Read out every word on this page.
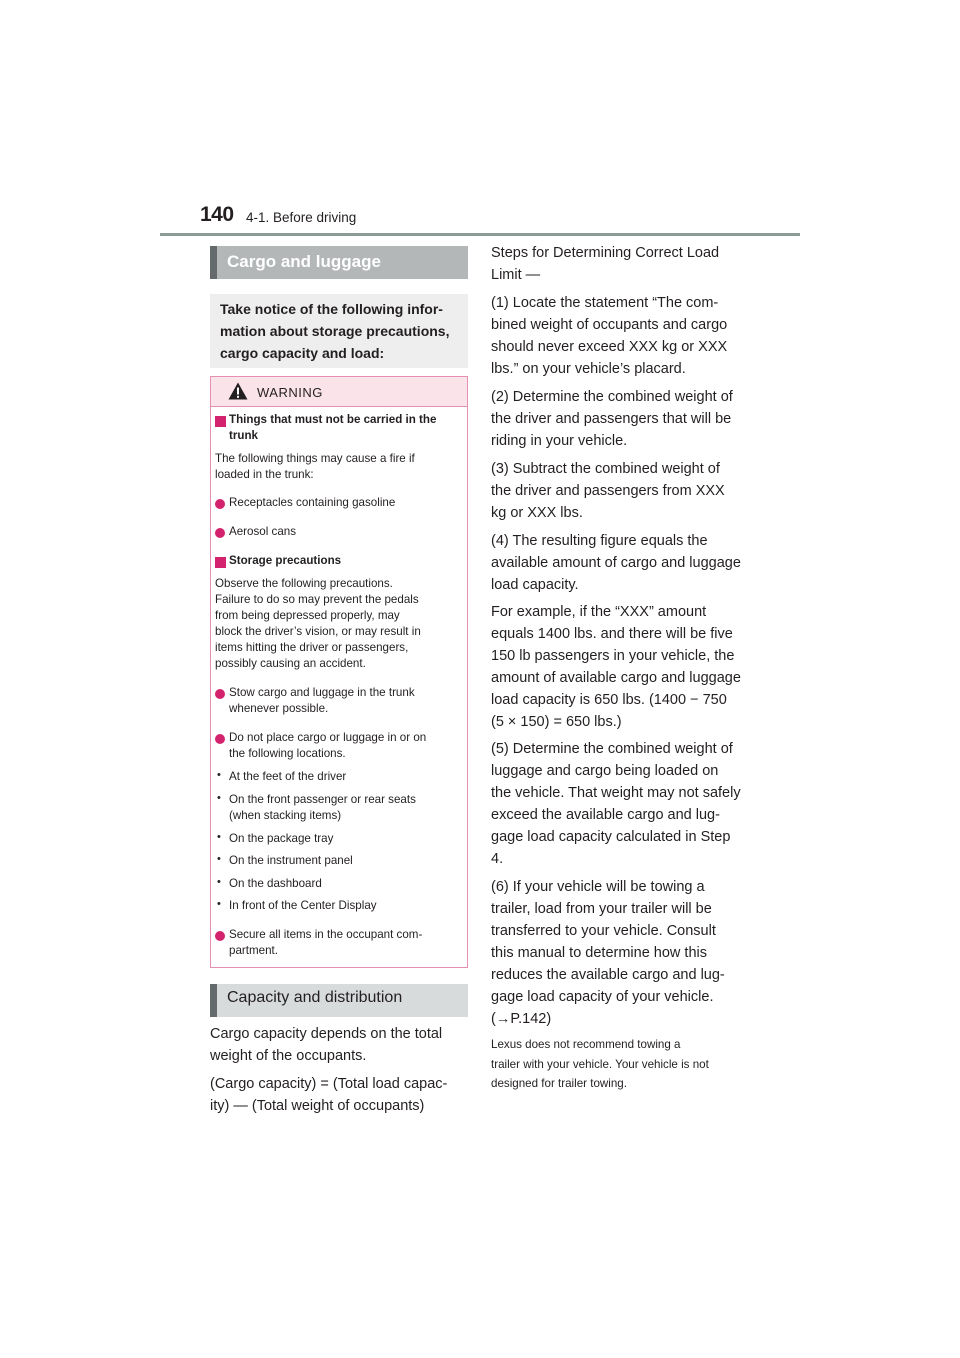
140 4-1. Before driving
Cargo and luggage
Take notice of the following infor-
mation about storage precautions,
cargo capacity and load:
WARNING
Things that must not be carried in the
trunk
The following things may cause a fire if
loaded in the trunk:
Receptacles containing gasoline
Aerosol cans
Storage precautions
Observe the following precautions.
Failure to do so may prevent the pedals
from being depressed properly, may
block the driver’s vision, or may result in
items hitting the driver or passengers,
possibly causing an accident.
Stow cargo and luggage in the trunk
whenever possible.
Do not place cargo or luggage in or on
the following locations.
• At the feet of the driver
• On the front passenger or rear seats
(when stacking items)
• On the package tray
• On the instrument panel
• On the dashboard
• In front of the Center Display
Secure all items in the occupant com-
partment.
Capacity and distribution
Cargo capacity depends on the total
weight of the occupants.
(Cargo capacity) = (Total load capac-
ity) — (Total weight of occupants)
Steps for Determining Correct Load
Limit —
(1) Locate the statement “The com-
bined weight of occupants and cargo
should never exceed XXX kg or XXX
lbs.” on your vehicle’s placard.
(2) Determine the combined weight of
the driver and passengers that will be
riding in your vehicle.
(3) Subtract the combined weight of
the driver and passengers from XXX
kg or XXX lbs.
(4) The resulting figure equals the
available amount of cargo and luggage
load capacity.
For example, if the “XXX” amount
equals 1400 lbs. and there will be five
150 lb passengers in your vehicle, the
amount of available cargo and luggage
load capacity is 650 lbs. (1400 − 750
(5 × 150) = 650 lbs.)
(5) Determine the combined weight of
luggage and cargo being loaded on
the vehicle. That weight may not safely
exceed the available cargo and lug-
gage load capacity calculated in Step
4.
(6) If your vehicle will be towing a
trailer, load from your trailer will be
transferred to your vehicle. Consult
this manual to determine how this
reduces the available cargo and lug-
gage load capacity of your vehicle.
(→P.142)
Lexus does not recommend towing a
trailer with your vehicle. Your vehicle is not
designed for trailer towing.
